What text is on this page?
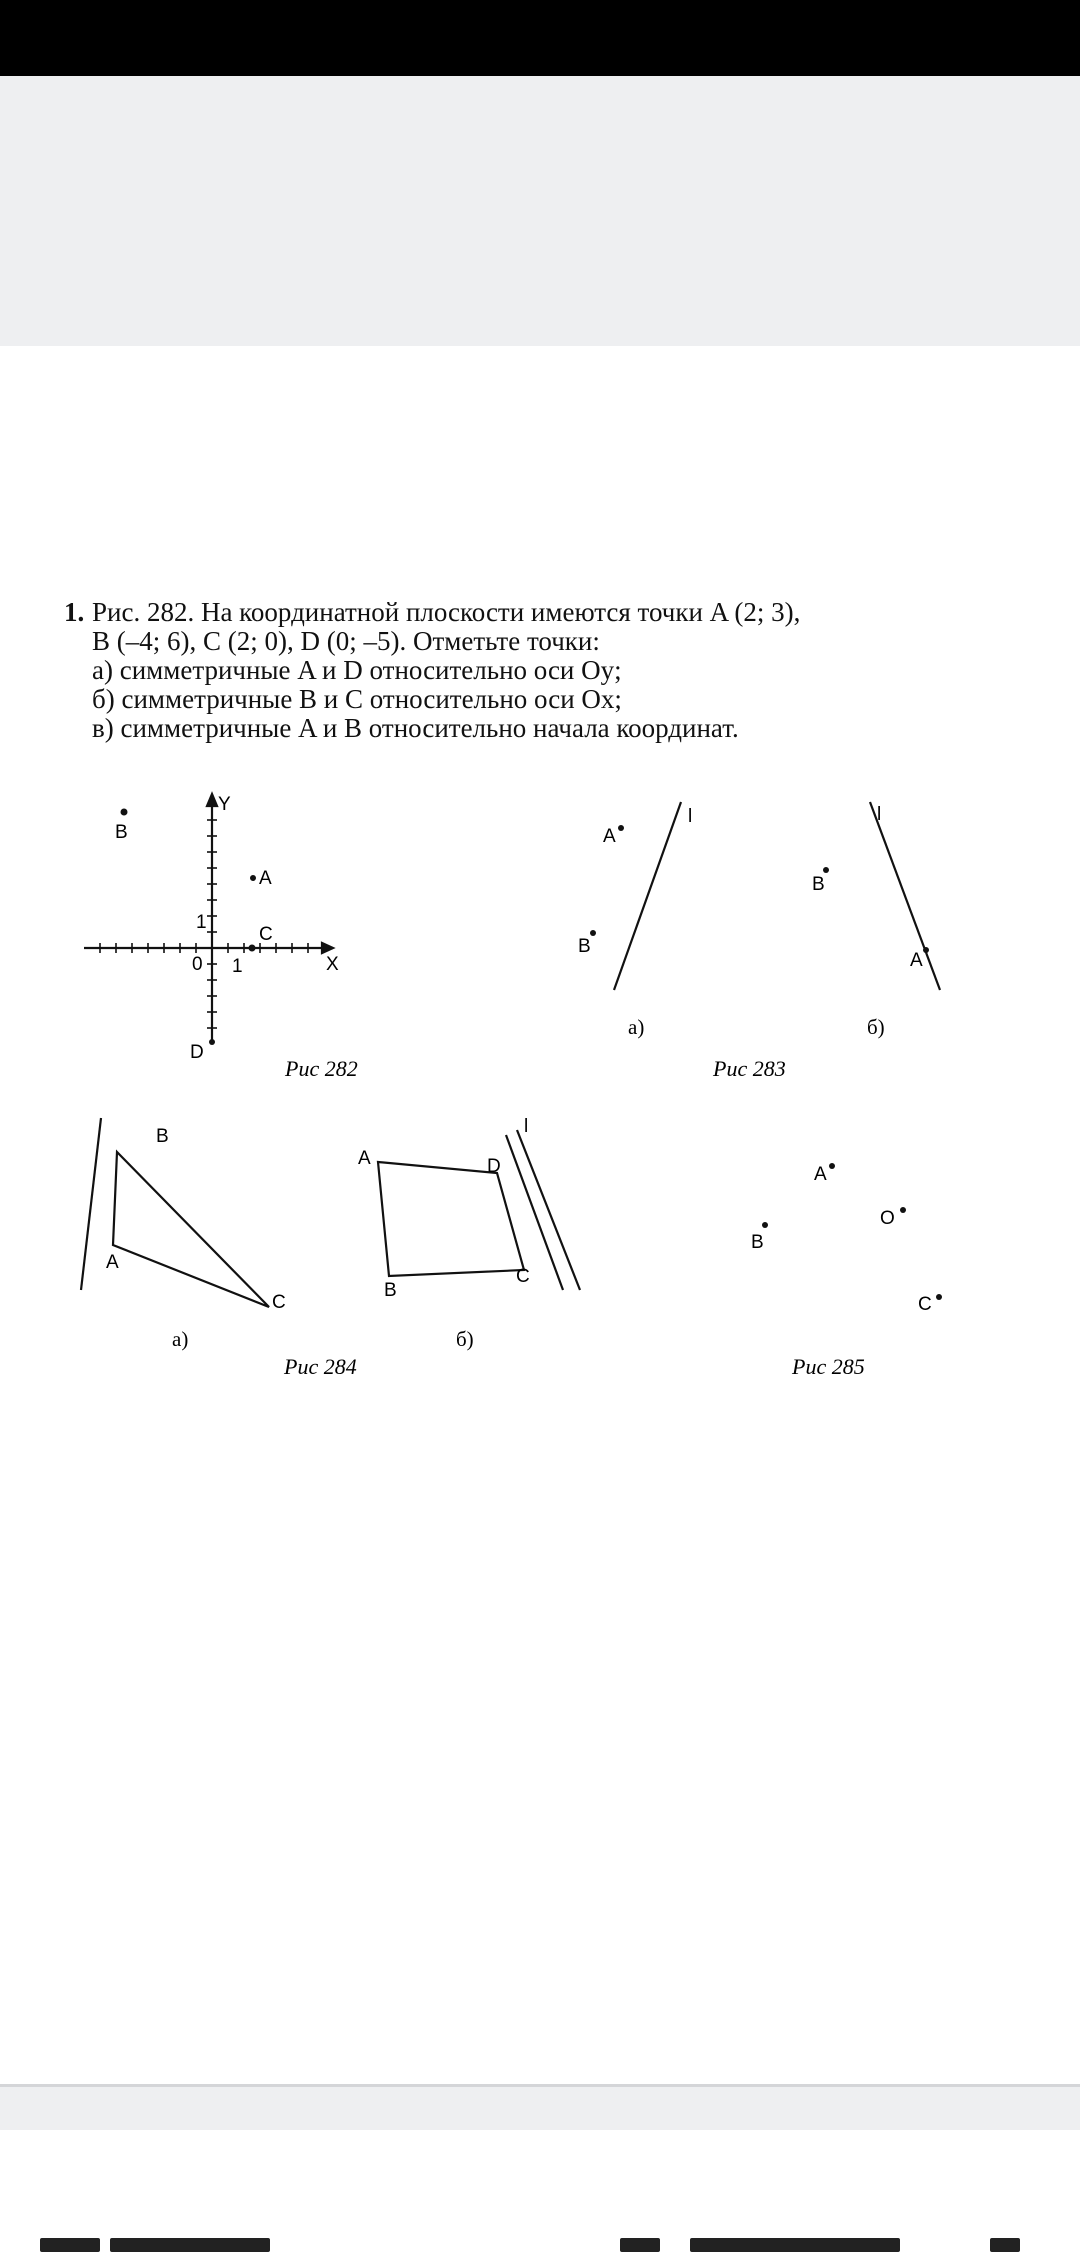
1. Рис. 282. На координатной плоскости имеются точки A (2; 3),
B (–4; 6), C (2; 0), D (0; –5). Отметьте точки:
а) симметричные A и D относительно оси Oy;
б) симметричные B и C относительно оси Ox;
в) симметричные A и B относительно начала координат.
B
A
C
D
X
Y
0 1
1
Рис 282
A
B
l
а)
B
A
l
б)
Рис 283
B
A
C
а)
A	D
C
B
l
б)
Рис 284
A
O
B
C
Рис 285
